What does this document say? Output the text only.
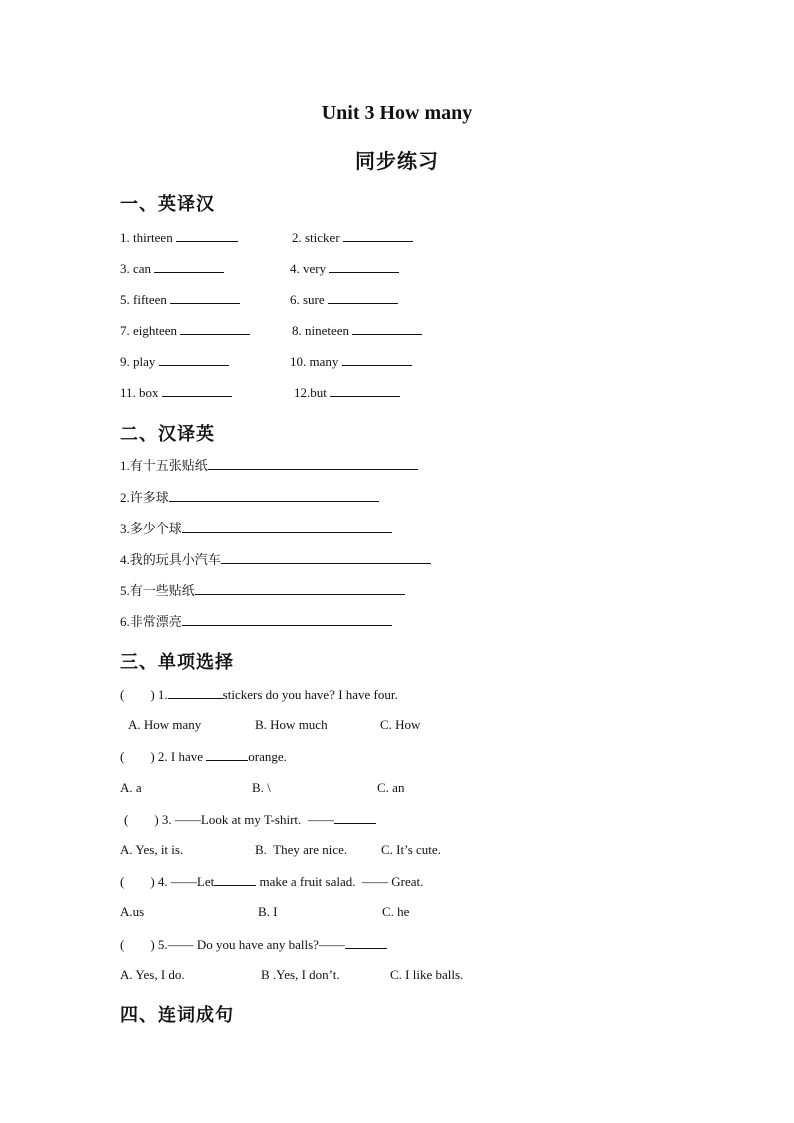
Unit 3 How many
同步练习
一、英译汉
1. thirteen	2. sticker
3. can	4. very
5. fifteen	6. sure
7. eighteen	8. nineteen
9. play	10. many
11. box	12.but
二、汉译英
1.有十五张贴纸
2.许多球
3.多少个球
4.我的玩具小汽车
5.有一些贴纸
6.非常漂亮
三、单项选择
(        ) 1.	stickers do you have? I have four.
A. How many	B. How much	C. How
(        ) 2. I have	orange.
A. a	B. \	C. an
(        ) 3. ——Look at my T-shirt.  ——
A. Yes, it is.	B.  They are nice.	C. It’s cute.
(        ) 4. ——Let	make a fruit salad.  —— Great.
A.us	B. I	C. he
(        ) 5.—— Do you have any balls?——
A. Yes, I do.	B .Yes, I don’t.	C. I like balls.
四、连词成句
